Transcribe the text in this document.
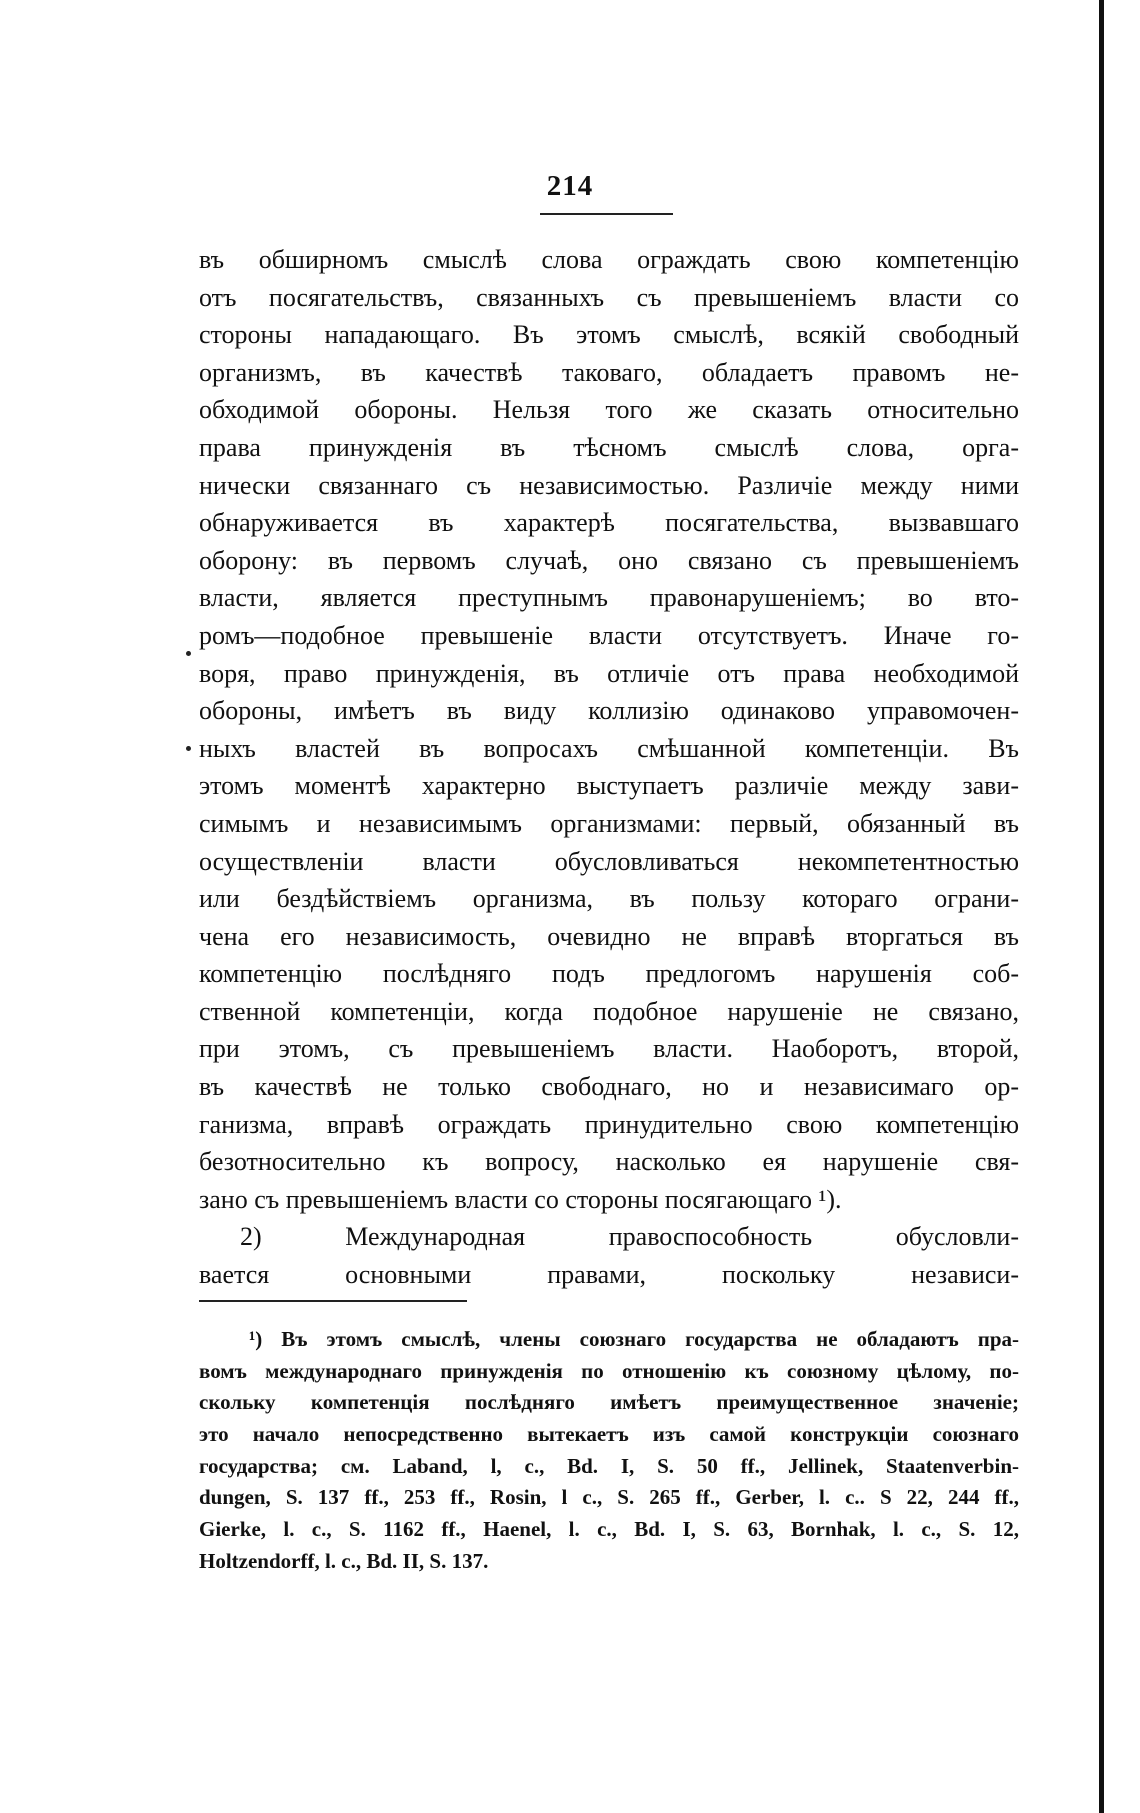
214
въ обширномъ смыслѣ слова ограждать свою компетенцію
отъ посягательствъ, связанныхъ съ превышеніемъ власти со
стороны нападающаго. Въ этомъ смыслѣ, всякій свободный
организмъ, въ качествѣ таковаго, обладаетъ правомъ не-
обходимой обороны. Нельзя того же сказать относительно
права принужденія въ тѣсномъ смыслѣ слова, орга-
нически связаннаго съ независимостью. Различіе между ними
обнаруживается въ характерѣ посягательства, вызвавшаго
оборону: въ первомъ случаѣ, оно связано съ превышеніемъ
власти, является преступнымъ правонарушеніемъ; во вто-
ромъ—подобное превышеніе власти отсутствуетъ. Иначе го-
воря, право принужденія, въ отличіе отъ права необходимой
обороны, имѣетъ въ виду коллизію одинаково управомочен-
ныхъ властей въ вопросахъ смѣшанной компетенціи. Въ
этомъ моментѣ характерно выступаетъ различіе между зави-
симымъ и независимымъ организмами: первый, обязанный въ
осуществленіи власти обусловливаться некомпетентностью
или бездѣйствіемъ организма, въ пользу котораго ограни-
чена его независимость, очевидно не вправѣ вторгаться въ
компетенцію послѣдняго подъ предлогомъ нарушенія соб-
ственной компетенціи, когда подобное нарушеніе не связано,
при этомъ, съ превышеніемъ власти. Наоборотъ, второй,
въ качествѣ не только свободнаго, но и независимаго ор-
ганизма, вправѣ ограждать принудительно свою компетенцію
безотносительно къ вопросу, насколько ея нарушеніе свя-
зано съ превышеніемъ власти со стороны посягающаго ¹).
2) Международная правоспособность обусловли-
вается основными правами, поскольку независи-
¹) Въ этомъ смыслѣ, члены союзнаго государства не обладаютъ пра-
вомъ международнаго принужденія по отношенію къ союзному цѣлому, по-
скольку компетенція послѣдняго имѣетъ преимущественное значеніе;
это начало непосредственно вытекаетъ изъ самой конструкціи союзнаго
государства; см. Laband, l, с., Bd. I, S. 50 ff., Jellinek, Staatenverbin-
dungen, S. 137 ff., 253 ff., Rosin, l с., S. 265 ff., Gerber, l. с.. S 22, 244 ff.,
Gierke, l. с., S. 1162 ff., Haenel, l. с., Bd. I, S. 63, Bornhak, l. с., S. 12,
Holtzendorff, l. с., Bd. II, S. 137.
